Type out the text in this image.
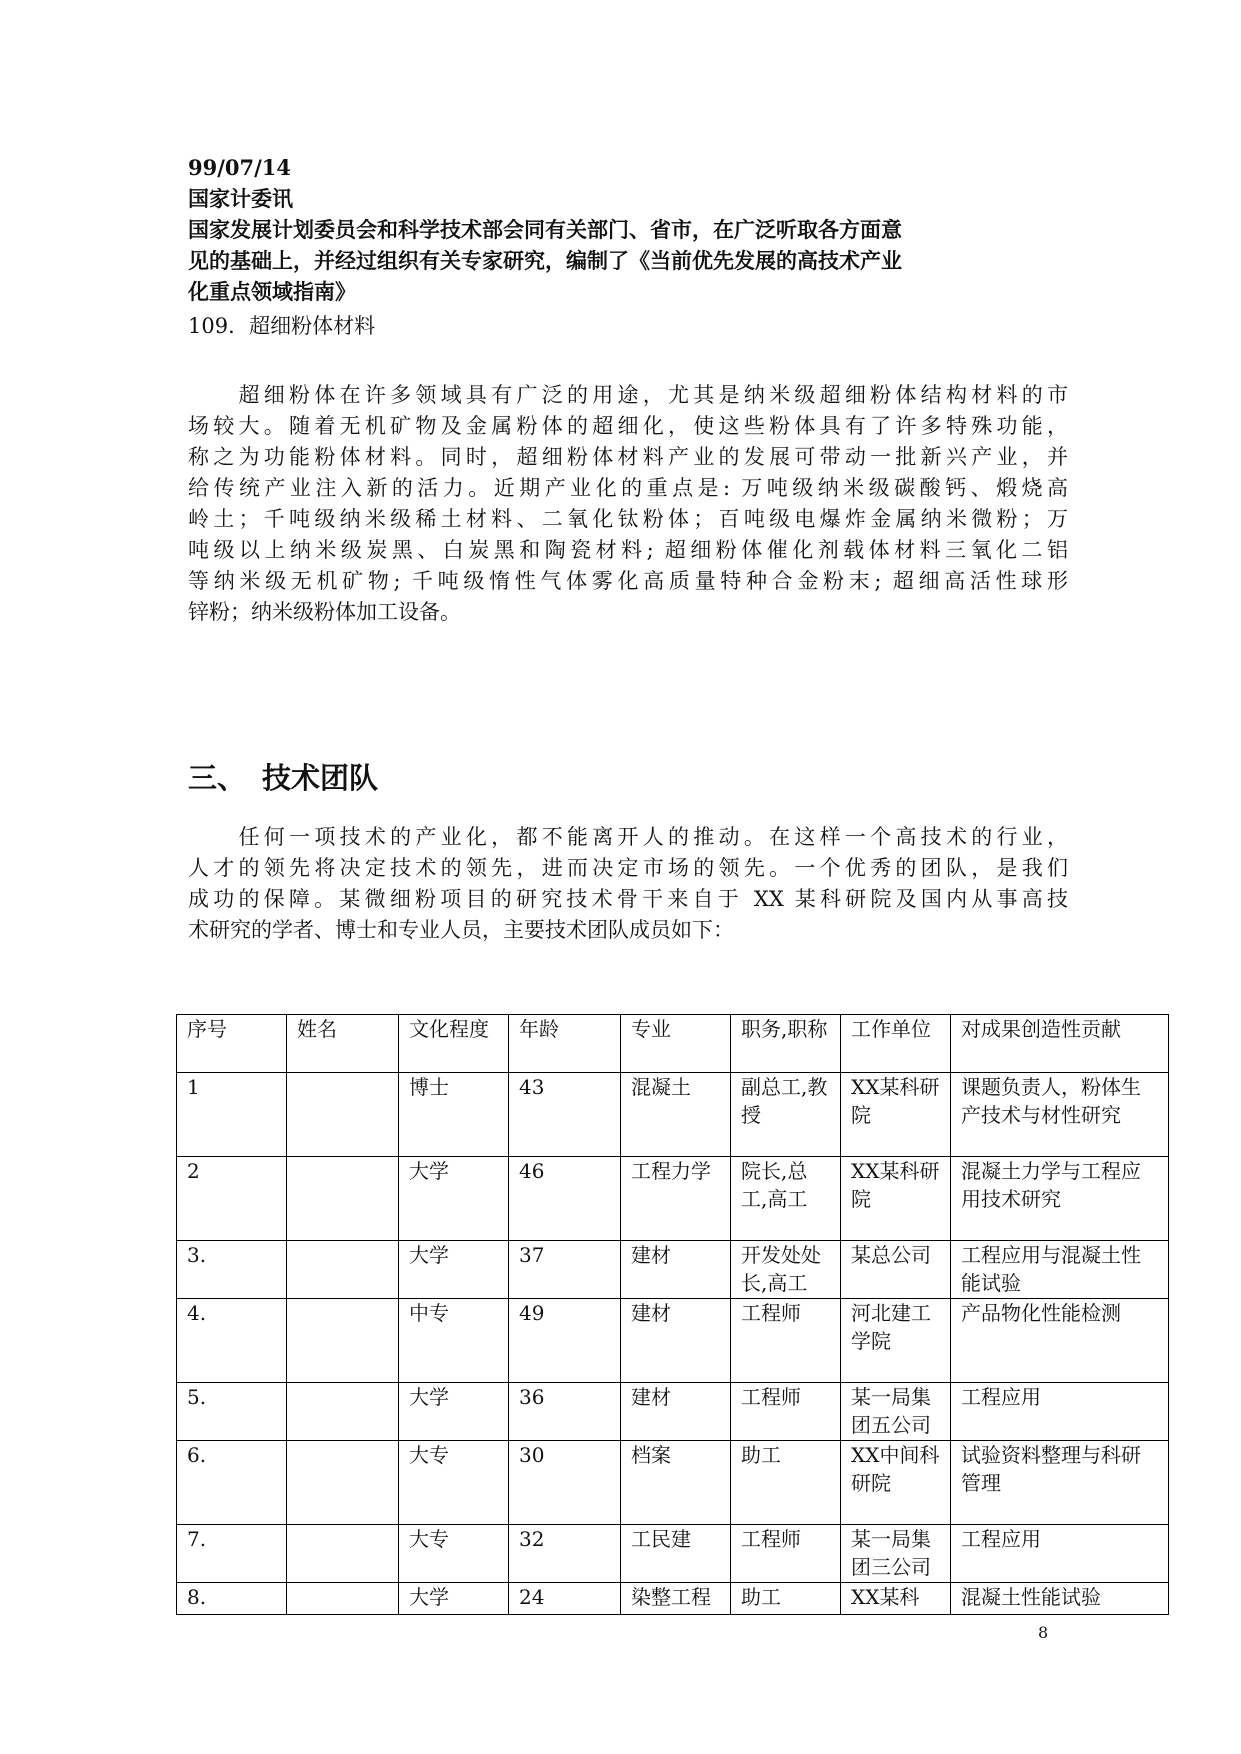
99/07/14
国家计委讯
国家发展计划委员会和科学技术部会同有关部门、省市，在广泛听取各方面意
见的基础上，并经过组织有关专家研究，编制了《当前优先发展的高技术产业
化重点领域指南》
109．超细粉体材料
　　超细粉体在许多领域具有广泛的用途，尤其是纳米级超细粉体结构材料的市
场较大。随着无机矿物及金属粉体的超细化，使这些粉体具有了许多特殊功能，
称之为功能粉体材料。同时，超细粉体材料产业的发展可带动一批新兴产业，并
给传统产业注入新的活力。近期产业化的重点是: 万吨级纳米级碳酸钙、煅烧高
岭土；千吨级纳米级稀土材料、二氧化钛粉体；百吨级电爆炸金属纳米微粉；万
吨级以上纳米级炭黑、白炭黑和陶瓷材料; 超细粉体催化剂载体材料三氧化二铝
等纳米级无机矿物; 千吨级惰性气体雾化高质量特种合金粉末; 超细高活性球形
锌粉；纳米级粉体加工设备。
三、 技术团队
　　任何一项技术的产业化，都不能离开人的推动。在这样一个高技术的行业，
人才的领先将决定技术的领先，进而决定市场的领先。一个优秀的团队，是我们
成功的保障。某微细粉项目的研究技术骨干来自于 XX 某科研院及国内从事高技
术研究的学者、博士和专业人员，主要技术团队成员如下：
序号	姓名	文化程度	年龄	专业	职务,职称	工作单位	对成果创造性贡献
1		博士	43	混凝土	副总工,教授	XX某科研院	课题负责人，粉体生产技术与材性研究
2		大学	46	工程力学	院长,总工,高工	XX某科研院	混凝土力学与工程应用技术研究
3.		大学	37	建材	开发处处长,高工	某总公司	工程应用与混凝土性能试验
4.		中专	49	建材	工程师	河北建工学院	产品物化性能检测
5.		大学	36	建材	工程师	某一局集团五公司	工程应用
6.		大专	30	档案	助工	XX中间科研院	试验资料整理与科研管理
7.		大专	32	工民建	工程师	某一局集团三公司	工程应用
8.		大学	24	染整工程	助工	XX某科	混凝土性能试验
8
